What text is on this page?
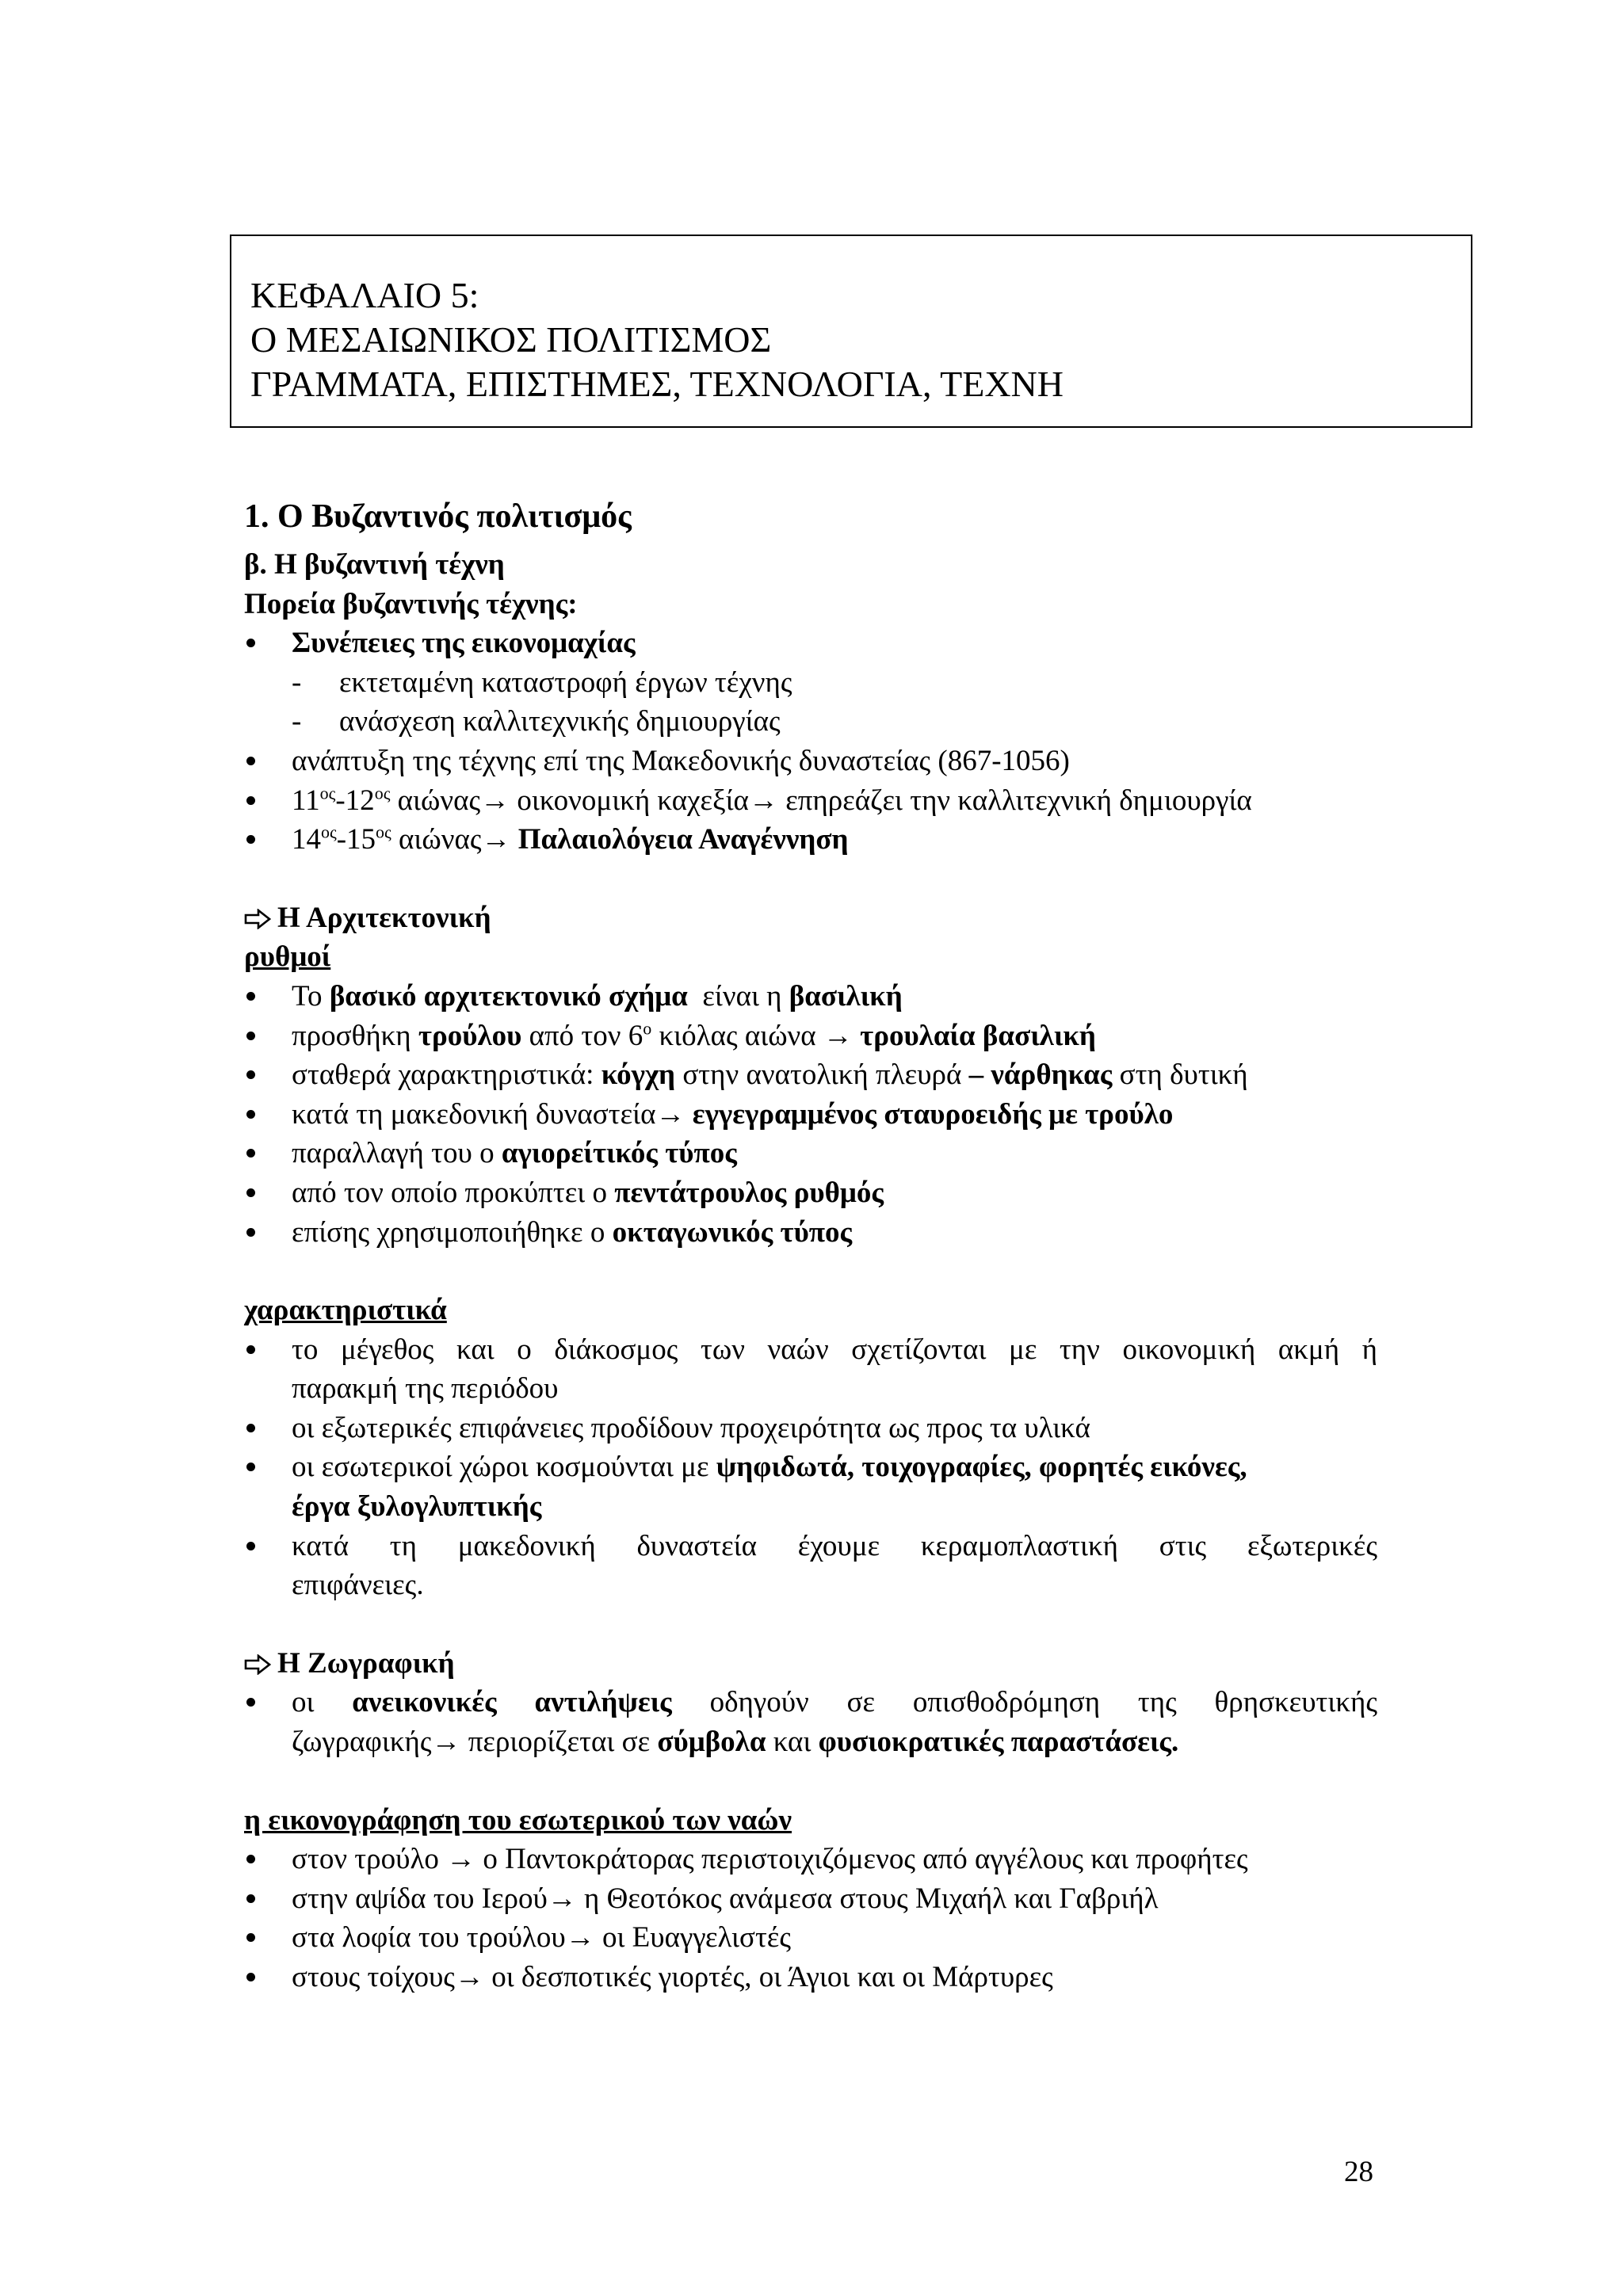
ΚΕΦΑΛΑΙΟ 5:
Ο ΜΕΣΑΙΩΝΙΚΟΣ ΠΟΛΙΤΙΣΜΟΣ
ΓΡΑΜΜΑΤΑ, ΕΠΙΣΤΗΜΕΣ, ΤΕΧΝΟΛΟΓΙΑ, ΤΕΧΝΗ
1. Ο Βυζαντινός πολιτισμός
β. Η βυζαντινή τέχνη
Πορεία βυζαντινής τέχνης:
Συνέπειες της εικονομαχίας
- εκτεταμένη καταστροφή έργων τέχνης
- ανάσχεση καλλιτεχνικής δημιουργίας
ανάπτυξη της τέχνης επί της Μακεδονικής δυναστείας (867-1056)
$11^{o\varsigma}-12^{o\varsigma}$ αιώνας→ οικονομική καχεξία→ επηρεάζει την καλλιτεχνική δημιουργία
$14^{o\varsigma}-15^{o\varsigma}$ αιώνας→ Παλαιολόγεια Αναγέννηση
Η Αρχιτεκτονική
ρυθμοί
Το βασικό αρχιτεκτονικό σχήμα  είναι η βασιλική
προσθήκη τρούλου από τον $6^o$ κιόλας αιώνα → τρουλαία βασιλική
σταθερά χαρακτηριστικά: κόγχη στην ανατολική πλευρά – νάρθηκας στη δυτική
κατά τη μακεδονική δυναστεία→ εγγεγραμμένος σταυροειδής με τρούλο
παραλλαγή του ο αγιορείτικός τύπος
από τον οποίο προκύπτει ο πεντάτρουλος ρυθμός
επίσης χρησιμοποιήθηκε ο οκταγωνικός τύπος
χαρακτηριστικά
το μέγεθος και ο διάκοσμος των ναών σχετίζονται με την οικονομική ακμή ή
παρακμή της περιόδου
οι εξωτερικές επιφάνειες προδίδουν προχειρότητα ως προς τα υλικά
οι εσωτερικοί χώροι κοσμούνται με ψηφιδωτά, τοιχογραφίες, φορητές εικόνες,
έργα ξυλογλυπτικής
κατά τη μακεδονική δυναστεία έχουμε κεραμοπλαστική στις εξωτερικές
επιφάνειες.
Η Ζωγραφική
οι ανεικονικές αντιλήψεις οδηγούν σε οπισθοδρόμηση της θρησκευτικής
ζωγραφικής→ περιορίζεται σε σύμβολα και φυσιοκρατικές παραστάσεις.
η εικονογράφηση του εσωτερικού των ναών
στον τρούλο → ο Παντοκράτορας περιστοιχιζόμενος από αγγέλους και προφήτες
στην αψίδα του Ιερού→ η Θεοτόκος ανάμεσα στους Μιχαήλ και Γαβριήλ
στα λοφία του τρούλου→ οι Ευαγγελιστές
στους τοίχους→ οι δεσποτικές γιορτές, οι Άγιοι και οι Μάρτυρες
28
